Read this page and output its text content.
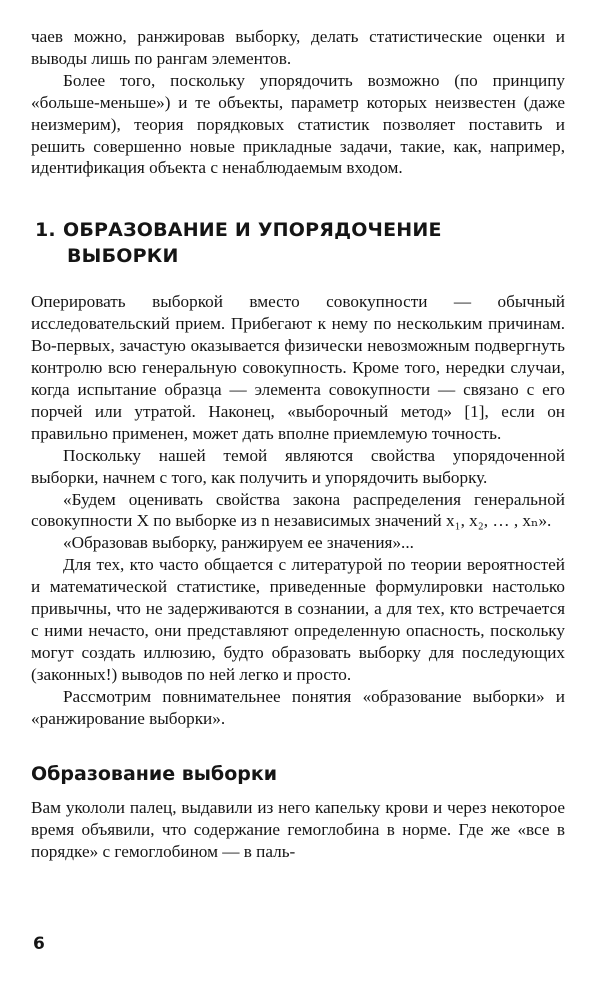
чаев можно, ранжировав выборку, делать статистические оценки и выводы лишь по рангам элементов.

Более того, поскольку упорядочить возможно (по принципу «больше-меньше») и те объекты, параметр которых неизвестен (даже неизмерим), теория порядковых статистик позволяет поставить и решить совершенно новые прикладные задачи, такие, как, например, идентификация объекта с ненаблюдаемым входом.

1. ОБРАЗОВАНИЕ И УПОРЯДОЧЕНИЕ
ВЫБОРКИ

Оперировать выборкой вместо совокупности — обычный исследовательский прием. Прибегают к нему по нескольким причинам. Во-первых, зачастую оказывается физически невозможным подвергнуть контролю всю генеральную совокупность. Кроме того, нередки случаи, когда испытание образца — элемента совокупности — связано с его порчей или утратой. Наконец, «выборочный метод» [1], если он правильно применен, может дать вполне приемлемую точность.

Поскольку нашей темой являются свойства упорядоченной выборки, начнем с того, как получить и упорядочить выборку.

«Будем оценивать свойства закона распределения генеральной совокупности X по выборке из n независимых значений x₁, x₂, … , xₙ».

«Образовав выборку, ранжируем ее значения»...

Для тех, кто часто общается с литературой по теории вероятностей и математической статистике, приведенные формулировки настолько привычны, что не задерживаются в сознании, а для тех, кто встречается с ними нечасто, они представляют определенную опасность, поскольку могут создать иллюзию, будто образовать выборку для последующих (законных!) выводов по ней легко и просто.

Рассмотрим повнимательнее понятия «образование выборки» и «ранжирование выборки».

Образование выборки

Вам укололи палец, выдавили из него капельку крови и через некоторое время объявили, что содержание гемоглобина в норме. Где же «все в порядке» с гемоглобином — в паль-

6
